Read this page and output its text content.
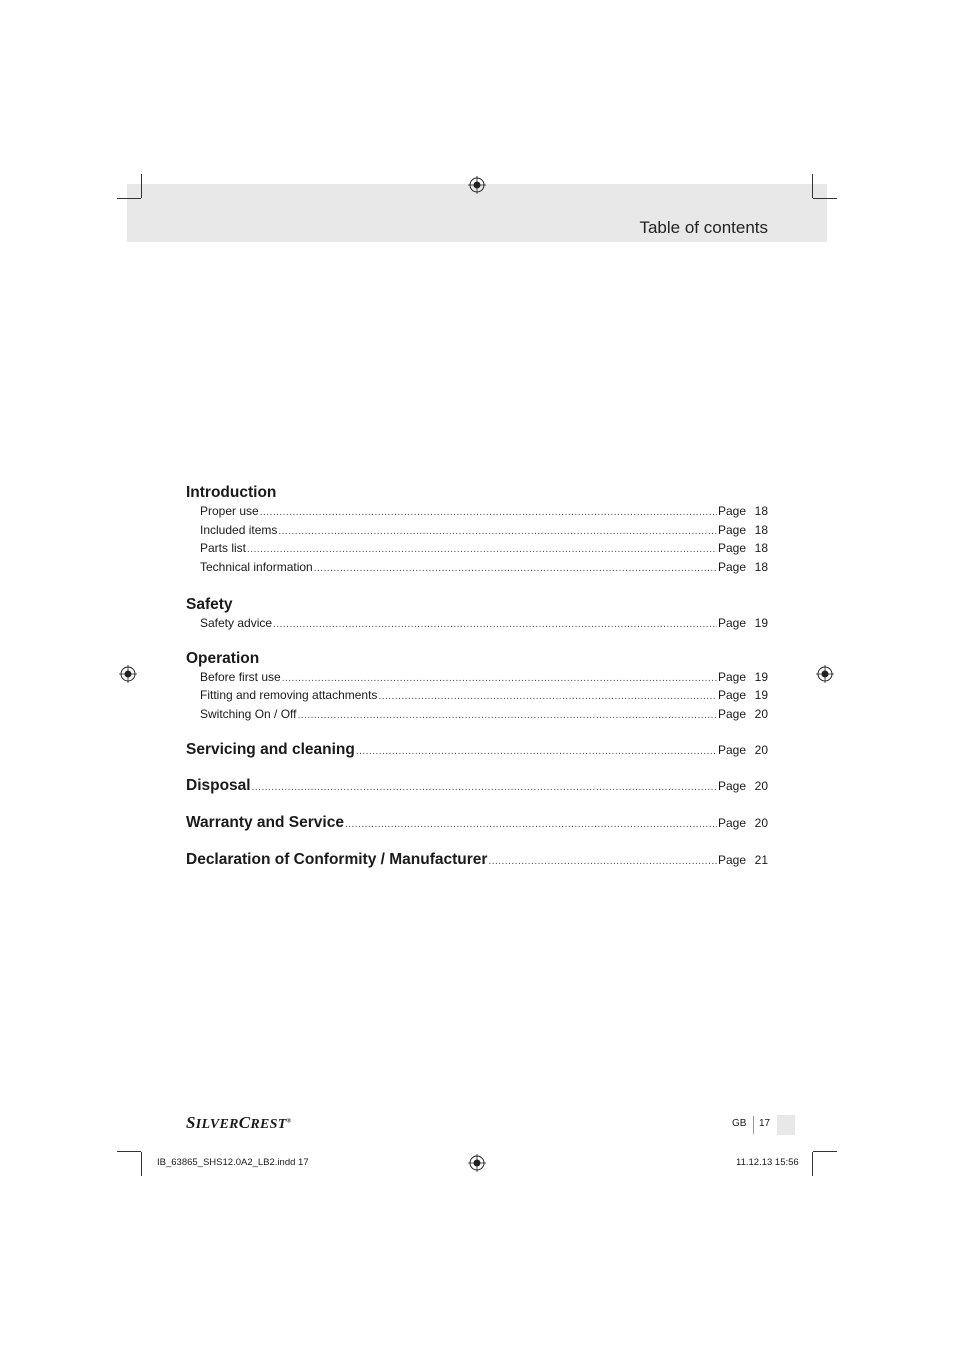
Table of contents
Introduction
Proper use .....	Page 18
Included items .....	Page 18
Parts list .....	Page 18
Technical information .....	Page 18
Safety
Safety advice .....	Page 19
Operation
Before first use .....	Page 19
Fitting and removing attachments .....	Page 19
Switching On / Off .....	Page 20
Servicing and cleaning .....	Page 20
Disposal .....	Page 20
Warranty and Service .....	Page 20
Declaration of Conformity / Manufacturer .....	Page 21
SILVERCREST®	GB 17
IB_63865_SHS12.0A2_LB2.indd 17	11.12.13 15:56
